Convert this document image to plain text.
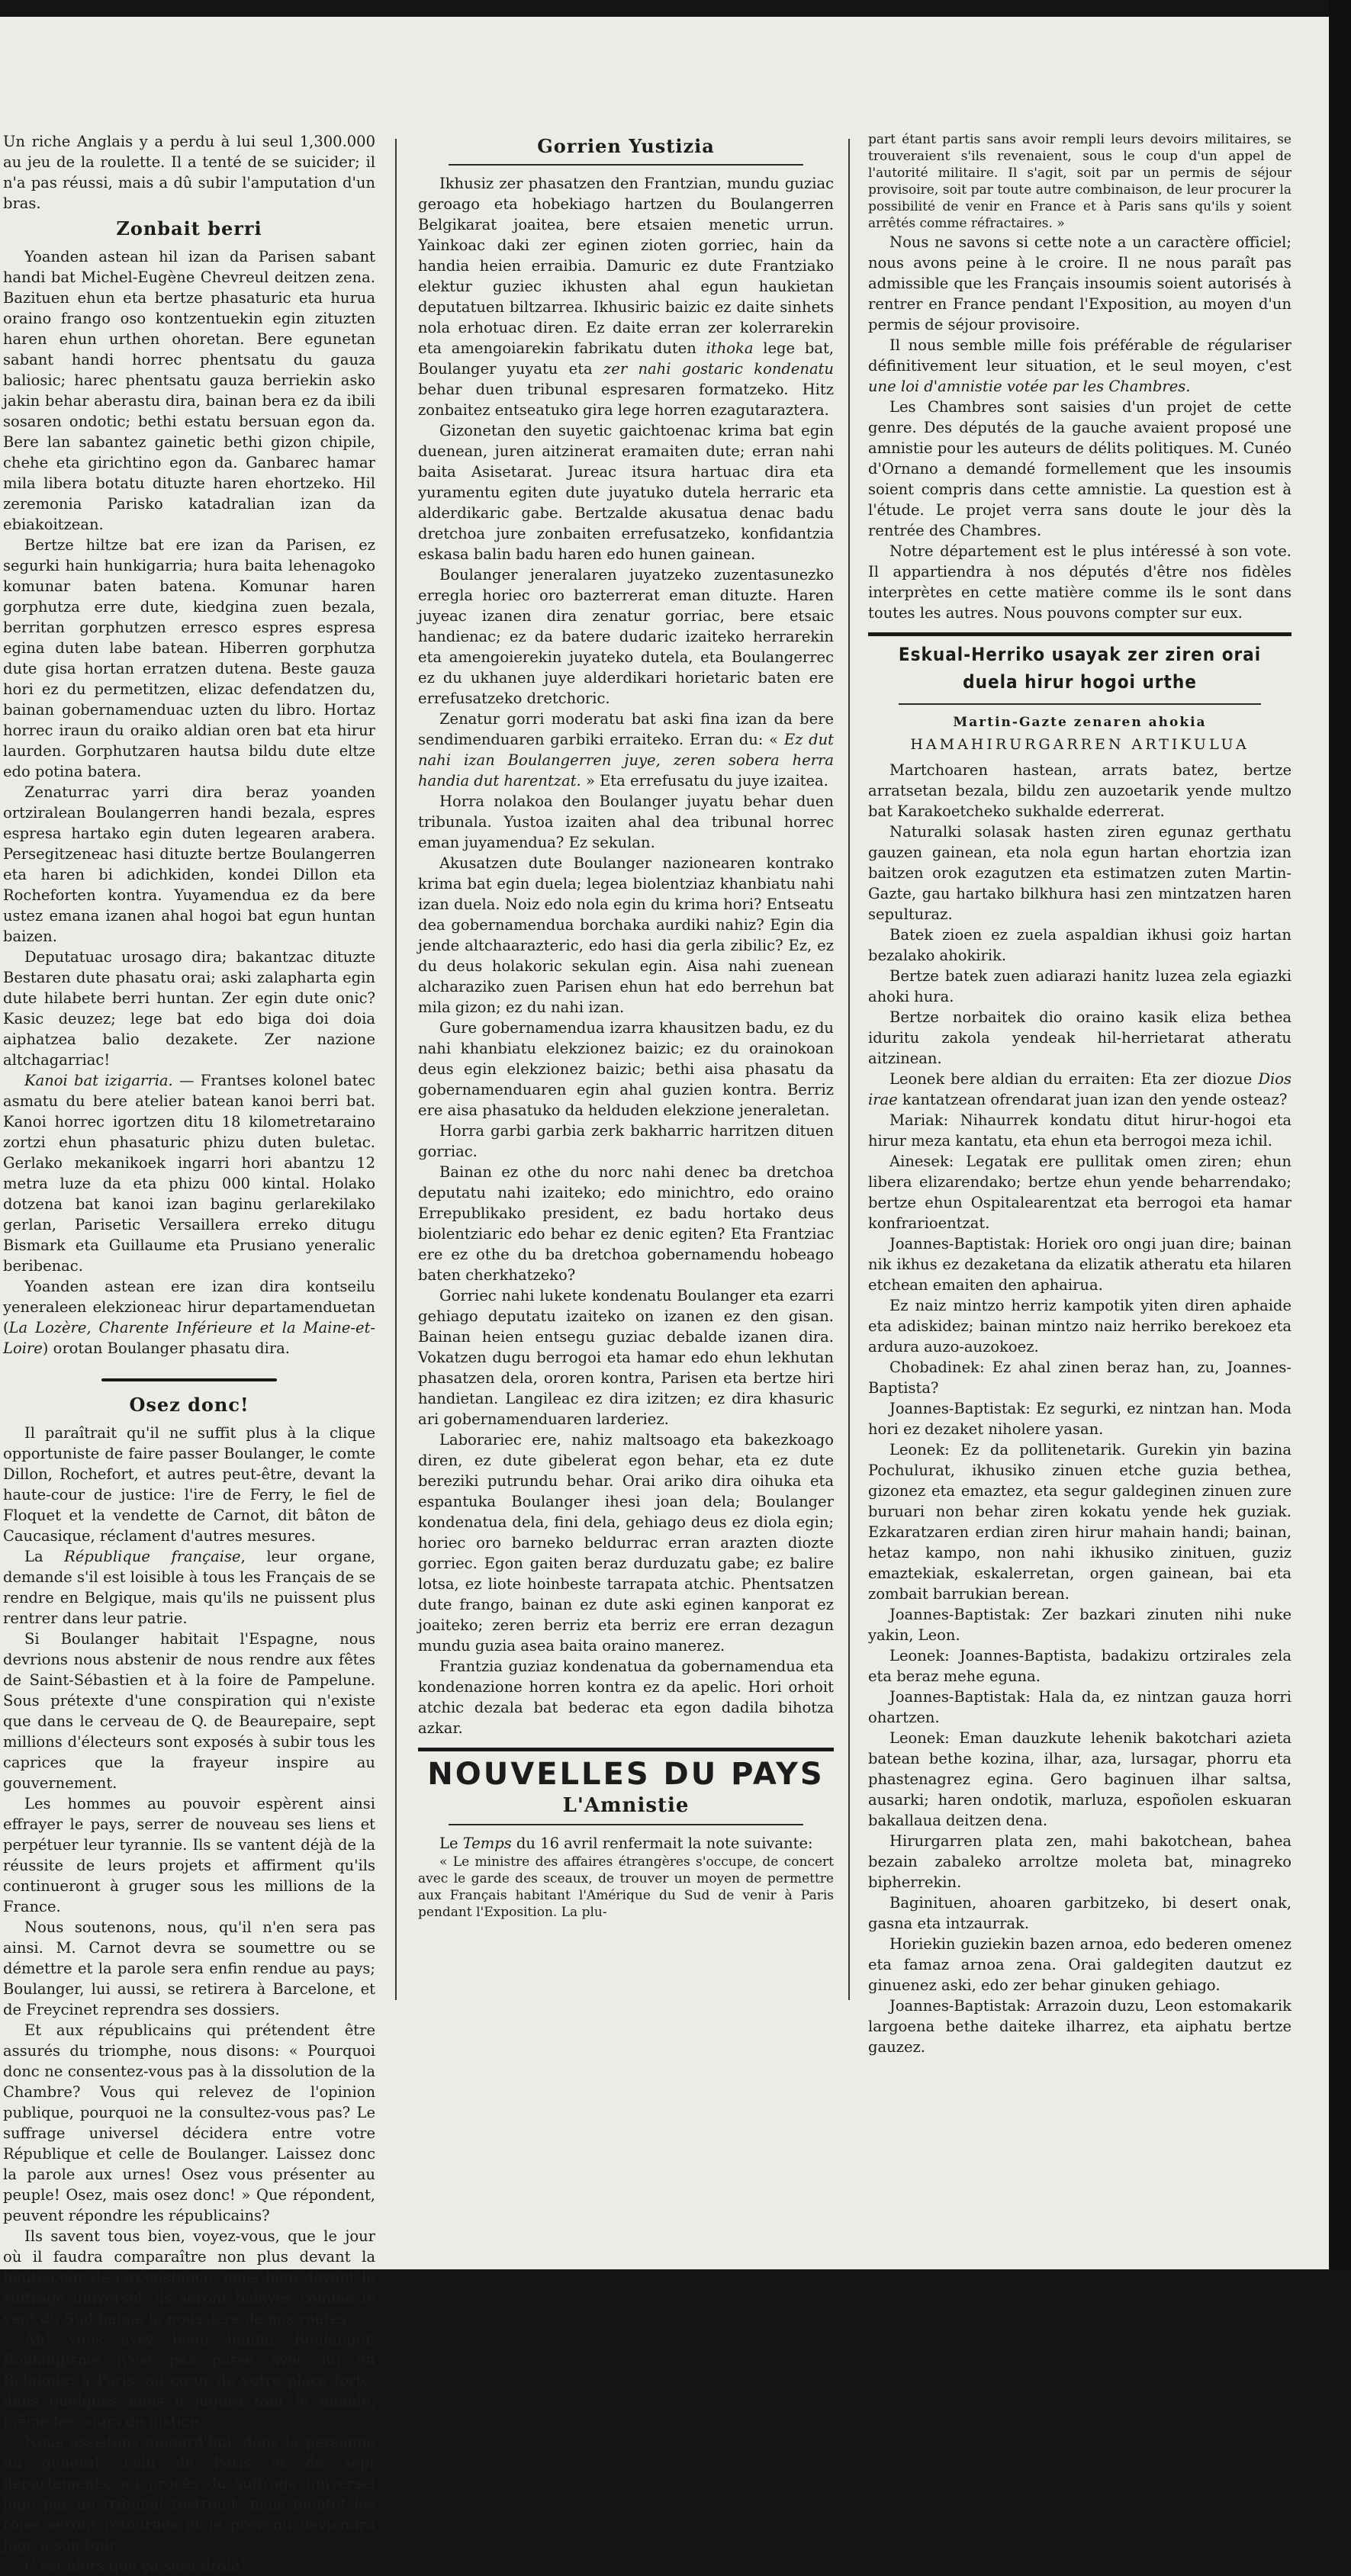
Un riche Anglais y a perdu à lui seul 1,300.000 au jeu de la roulette. Il a tenté de se suicider; il n'a pas réussi, mais a dû subir l'amputation d'un bras.

Zonbait berri

Yoanden astean hil izan da Parisen sabant handi bat Michel-Eugène Chevreul deitzen zena. Bazituen ehun eta bertze phasaturic eta hurua oraino frango oso kontzentuekin egin zituzten haren ehun urthen ohoretan. Bere egunetan sabant handi horrec phentsatu du gauza baliosic; harec phentsatu gauza berriekin asko jakin behar aberastu dira, bainan bera ez da ibili sosaren ondotic; bethi estatu bersuan egon da. Bere lan sabantez gainetic bethi gizon chipile, chehe eta girichtino egon da. Ganbarec hamar mila libera botatu dituzte haren ehortzeko. Hil zeremonia Parisko katadralian izan da ebiakoitzean.

Bertze hiltze bat ere izan da Parisen, ez segurki hain hunkigarria; hura baita lehenagoko komunar baten batena. Komunar haren gorphutza erre dute, kiedgina zuen bezala, berritan gorphutzen erresco espres espresa egina duten labe batean. Hiberren gorphutza dute gisa hortan erratzen dutena. Beste gauza hori ez du permetitzen, elizac defendatzen du, bainan gobernamenduac uzten du libro. Hortaz horrec iraun du oraiko aldian oren bat eta hirur laurden. Gorphutzaren hautsa bildu dute eltze edo potina batera.

Zenaturrac yarri dira beraz yoanden ortziralean Boulangerren handi bezala, espres espresa hartako egin duten legearen arabera. Persegitzeneac hasi dituzte bertze Boulangerren eta haren bi adichkiden, kondei Dillon eta Rocheforten kontra. Yuyamendua ez da bere ustez emana izanen ahal hogoi bat egun huntan baizen.

Deputatuac urosago dira; bakantzac dituzte Bestaren dute phasatu orai; aski zalapharta egin dute hilabete berri huntan. Zer egin dute onic? Kasic deuzez; lege bat edo biga doi doia aiphatzea balio dezakete. Zer nazione altchagarriac!

Kanoi bat izigarria. — Frantses kolonel batec asmatu du bere atelier batean kanoi berri bat. Kanoi horrec igortzen ditu 18 kilometretaraino zortzi ehun phasaturic phizu duten buletac. Gerlako mekanikoek ingarri hori abantzu 12 metra luze da eta phizu 000 kintal. Holako dotzena bat kanoi izan baginu gerlarekilako gerlan, Parisetic Versaillera erreko ditugu Bismark eta Guillaume eta Prusiano yeneralic beribenac.

Yoanden astean ere izan dira kontseilu yeneraleen elekzioneac hirur departamenduetan (La Lozère, Charente Inférieure et la Maine-et-Loire) orotan Boulanger phasatu dira.

Osez donc!

Il paraîtrait qu'il ne suffit plus à la clique opportuniste de faire passer Boulanger, le comte Dillon, Rochefort, et autres peut-être, devant la haute-cour de justice: l'ire de Ferry, le fiel de Floquet et la vendette de Carnot, dit bâton de Caucasique, réclament d'autres mesures.

La République française, leur organe, demande s'il est loisible à tous les Français de se rendre en Belgique, mais qu'ils ne puissent plus rentrer dans leur patrie.

Si Boulanger habitait l'Espagne, nous devrions nous abstenir de nous rendre aux fêtes de Saint-Sébastien et à la foire de Pampelune. Sous prétexte d'une conspiration qui n'existe que dans le cerveau de Q. de Beaurepaire, sept millions d'électeurs sont exposés à subir tous les caprices que la frayeur inspire au gouvernement.

Les hommes au pouvoir espèrent ainsi effrayer le pays, serrer de nouveau ses liens et perpétuer leur tyrannie. Ils se vantent déjà de la réussite de leurs projets et affirment qu'ils continueront à gruger sous les millions de la France.

Nous soutenons, nous, qu'il n'en sera pas ainsi. M. Carnot devra se soumettre ou se démettre et la parole sera enfin rendue au pays; Boulanger, lui aussi, se retirera à Barcelone, et de Freycinet reprendra ses dossiers.

Et aux républicains qui prétendent être assurés du triomphe, nous disons: « Pourquoi donc ne consentez-vous pas à la dissolution de la Chambre? Vous qui relevez de l'opinion publique, pourquoi ne la consultez-vous pas? Le suffrage universel décidera entre votre République et celle de Boulanger. Laissez donc la parole aux urnes! Osez vous présenter au peuple! Osez, mais osez donc! » Que répondent, peuvent répondre les républicains?

Ils savent tous bien, voyez-vous, que le jour où il faudra comparaître non plus devant la haute-cour de circonstance, mais bien devant le suffrage universel, ils seront balayés comme le vent du Sud balaie la poussière de nos routes.

Ah! vous avez beau bannir Boulanger, Boulangisme n'est pas passé avec lui en Belgique: à Paris, au cœur de votre place forte, dans quelques mois il jugera tout le monde, même les cours de justice.

Nous assistons aujourd'hui, dans la personne du général, l'élu de Paris et de sept départements, au procès du suffrage universel juge par un tribunal restreint; mais bientôt les rôles seront retournés et le prévenu deviendra juge à son tour.

C'est alors que ça sera drôle!

Gorrien Yustizia

Ikhusiz zer phasatzen den Frantzian, mundu guziac geroago eta hobekiago hartzen du Boulangerren Belgikarat joaitea, bere etsaien menetic urrun. Yainkoac daki zer eginen zioten gorriec, hain da handia heien erraibia. Damuric ez dute Frantziako elektur guziec ikhusten ahal egun haukietan deputatuen biltzarrea. Ikhusiric baizic ez daite sinhets nola erhotuac diren. Ez daite erran zer kolerrarekin eta amengoiarekin fabrikatu duten ithoka lege bat, Boulanger yuyatu eta zer nahi gostaric kondenatu behar duen tribunal espresaren formatzeko. Hitz zonbaitez entseatuko gira lege horren ezagutaraztera.

Gizonetan den suyetic gaichtoenac krima bat egin duenean, juren aitzinerat eramaiten dute; erran nahi baita Asisetarat. Jureac itsura hartuac dira eta yuramentu egiten dute juyatuko dutela herraric eta alderdikaric gabe. Bertzalde akusatua denac badu dretchoa jure zonbaiten errefusatzeko, konfidantzia eskasa balin badu haren edo hunen gainean.

Boulanger jeneralaren juyatzeko zuzentasunezko erregla horiec oro bazterrerat eman dituzte. Haren juyeac izanen dira zenatur gorriac, bere etsaic handienac; ez da batere dudaric izaiteko herrarekin eta amengoierekin juyateko dutela, eta Boulangerrec ez du ukhanen juye alderdikari horietaric baten ere errefusatzeko dretchoric.

Zenatur gorri moderatu bat aski fina izan da bere sendimenduaren garbiki erraiteko. Erran du: « Ez dut nahi izan Boulangerren juye, zeren sobera herra handia dut harentzat. » Eta errefusatu du juye izaitea.

Horra nolakoa den Boulanger juyatu behar duen tribunala. Yustoa izaiten ahal dea tribunal horrec eman juyamendua? Ez sekulan.

Akusatzen dute Boulanger nazionearen kontrako krima bat egin duela; legea biolentziaz khanbiatu nahi izan duela. Noiz edo nola egin du krima hori? Entseatu dea gobernamendua borchaka aurdiki nahiz? Egin dia jende altchaarazteric, edo hasi dia gerla zibilic? Ez, ez du deus holakoric sekulan egin. Aisa nahi zuenean alcharaziko zuen Parisen ehun hat edo berrehun bat mila gizon; ez du nahi izan.

Gure gobernamendua izarra khausitzen badu, ez du nahi khanbiatu elekzionez baizic; ez du orainokoan deus egin elekzionez baizic; bethi aisa phasatu da gobernamenduaren egin ahal guzien kontra. Berriz ere aisa phasatuko da helduden elekzione jeneraletan.

Horra garbi garbia zerk bakharric harritzen dituen gorriac.

Bainan ez othe du norc nahi denec ba dretchoa deputatu nahi izaiteko; edo minichtro, edo oraino Errepublikako president, ez badu hortako deus biolentziaric edo behar ez denic egiten? Eta Frantziac ere ez othe du ba dretchoa gobernamendu hobeago baten cherkhatzeko?

Gorriec nahi lukete kondenatu Boulanger eta ezarri gehiago deputatu izaiteko on izanen ez den gisan. Bainan heien entsegu guziac debalde izanen dira. Vokatzen dugu berrogoi eta hamar edo ehun lekhutan phasatzen dela, ororen kontra, Parisen eta bertze hiri handietan. Langileac ez dira izitzen; ez dira khasuric ari gobernamenduaren larderiez.

Laborariec ere, nahiz maltsoago eta bakezkoago diren, ez dute gibelerat egon behar, eta ez dute bereziki putrundu behar. Orai ariko dira oihuka eta espantuka Boulanger ihesi joan dela; Boulanger kondenatua dela, fini dela, gehiago deus ez diola egin; horiec oro barneko beldurrac erran arazten diozte gorriec. Egon gaiten beraz durduzatu gabe; ez balire lotsa, ez liote hoinbeste tarrapata atchic. Phentsatzen dute frango, bainan ez dute aski eginen kanporat ez joaiteko; zeren berriz eta berriz ere erran dezagun mundu guzia asea baita oraino manerez.

Frantzia guziaz kondenatua da gobernamendua eta kondenazione horren kontra ez da apelic. Hori orhoit atchic dezala bat bederac eta egon dadila bihotza azkar.

NOUVELLES DU PAYS
L'Amnistie

Le Temps du 16 avril renfermait la note suivante:

« Le ministre des affaires étrangères s'occupe, de concert avec le garde des sceaux, de trouver un moyen de permettre aux Français habitant l'Amérique du Sud de venir à Paris pendant l'Exposition. La plu-

part étant partis sans avoir rempli leurs devoirs militaires, se trouveraient s'ils revenaient, sous le coup d'un appel de l'autorité militaire. Il s'agit, soit par un permis de séjour provisoire, soit par toute autre combinaison, de leur procurer la possibilité de venir en France et à Paris sans qu'ils y soient arrêtés comme réfractaires. »

Nous ne savons si cette note a un caractère officiel; nous avons peine à le croire. Il ne nous paraît pas admissible que les Français insoumis soient autorisés à rentrer en France pendant l'Exposition, au moyen d'un permis de séjour provisoire.

Il nous semble mille fois préférable de régulariser définitivement leur situation, et le seul moyen, c'est une loi d'amnistie votée par les Chambres.

Les Chambres sont saisies d'un projet de cette genre. Des députés de la gauche avaient proposé une amnistie pour les auteurs de délits politiques. M. Cunéo d'Ornano a demandé formellement que les insoumis soient compris dans cette amnistie. La question est à l'étude. Le projet verra sans doute le jour dès la rentrée des Chambres.

Notre département est le plus intéressé à son vote. Il appartiendra à nos députés d'être nos fidèles interprètes en cette matière comme ils le sont dans toutes les autres. Nous pouvons compter sur eux.

Eskual-Herriko usayak zer ziren orai duela hirur hogoi urthe
Martin-Gazte zenaren ahokia
HAMAHIRURGARREN ARTIKULUA

Martchoaren hastean, arrats batez, bertze arratsetan bezala, bildu zen auzoetarik yende multzo bat Karakoetcheko sukhalde ederrerat.

Naturalki solasak hasten ziren egunaz gerthatu gauzen gainean, eta nola egun hartan ehortzia izan baitzen orok ezagutzen eta estimatzen zuten Martin-Gazte, gau hartako bilkhura hasi zen mintzatzen haren sepulturaz.

Batek zioen ez zuela aspaldian ikhusi goiz hartan bezalako ahokirik.

Bertze batek zuen adiarazi hanitz luzea zela egiazki ahoki hura.

Bertze norbaitek dio oraino kasik eliza bethea iduritu zakola yendeak hil-herrietarat atheratu aitzinean.

Leonek bere aldian du erraiten: Eta zer diozue Dios irae kantatzean ofrendarat juan izan den yende osteaz?

Mariak: Nihaurrek kondatu ditut hirur-hogoi eta hirur meza kantatu, eta ehun eta berrogoi meza ichil.

Ainesek: Legatak ere pullitak omen ziren; ehun libera elizarendako; bertze ehun yende beharrendako; bertze ehun Ospitalearentzat eta berrogoi eta hamar konfrarioentzat.

Joannes-Baptistak: Horiek oro ongi juan dire; bainan nik ikhus ez dezaketana da elizatik atheratu eta hilaren etchean emaiten den aphairua.

Ez naiz mintzo herriz kampotik yiten diren aphaide eta adiskidez; bainan mintzo naiz herriko berekoez eta ardura auzo-auzokoez.

Chobadinek: Ez ahal zinen beraz han, zu, Joannes-Baptista?

Joannes-Baptistak: Ez segurki, ez nintzan han. Moda hori ez dezaket niholere yasan.

Leonek: Ez da pollitenetarik. Gurekin yin bazina Pochulurat, ikhusiko zinuen etche guzia bethea, gizonez eta emaztez, eta segur galdeginen zinuen zure buruari non behar ziren kokatu yende hek guziak. Ezkaratzaren erdian ziren hirur mahain handi; bainan, hetaz kampo, non nahi ikhusiko zinituen, guziz emaztekiak, eskalerretan, orgen gainean, bai eta zombait barrukian berean.

Joannes-Baptistak: Zer bazkari zinuten nihi nuke yakin, Leon.

Leonek: Joannes-Baptista, badakizu ortzirales zela eta beraz mehe eguna.

Joannes-Baptistak: Hala da, ez nintzan gauza horri ohartzen.

Leonek: Eman dauzkute lehenik bakotchari azieta batean bethe kozina, ilhar, aza, lursagar, phorru eta phastenagrez egina. Gero baginuen ilhar saltsa, ausarki; haren ondotik, marluza, espoñolen eskuaran bakallaua deitzen dena.

Hirurgarren plata zen, mahi bakotchean, bahea bezain zabaleko arroltze moleta bat, minagreko bipherrekin.

Baginituen, ahoaren garbitzeko, bi desert onak, gasna eta intzaurrak.

Horiekin guziekin bazen arnoa, edo bederen omenez eta famaz arnoa zena. Orai galdegiten dautzut ez ginuenez aski, edo zer behar ginuken gehiago.

Joannes-Baptistak: Arrazoin duzu, Leon estomakarik largoena bethe daiteke ilharrez, eta aiphatu bertze gauzez.
